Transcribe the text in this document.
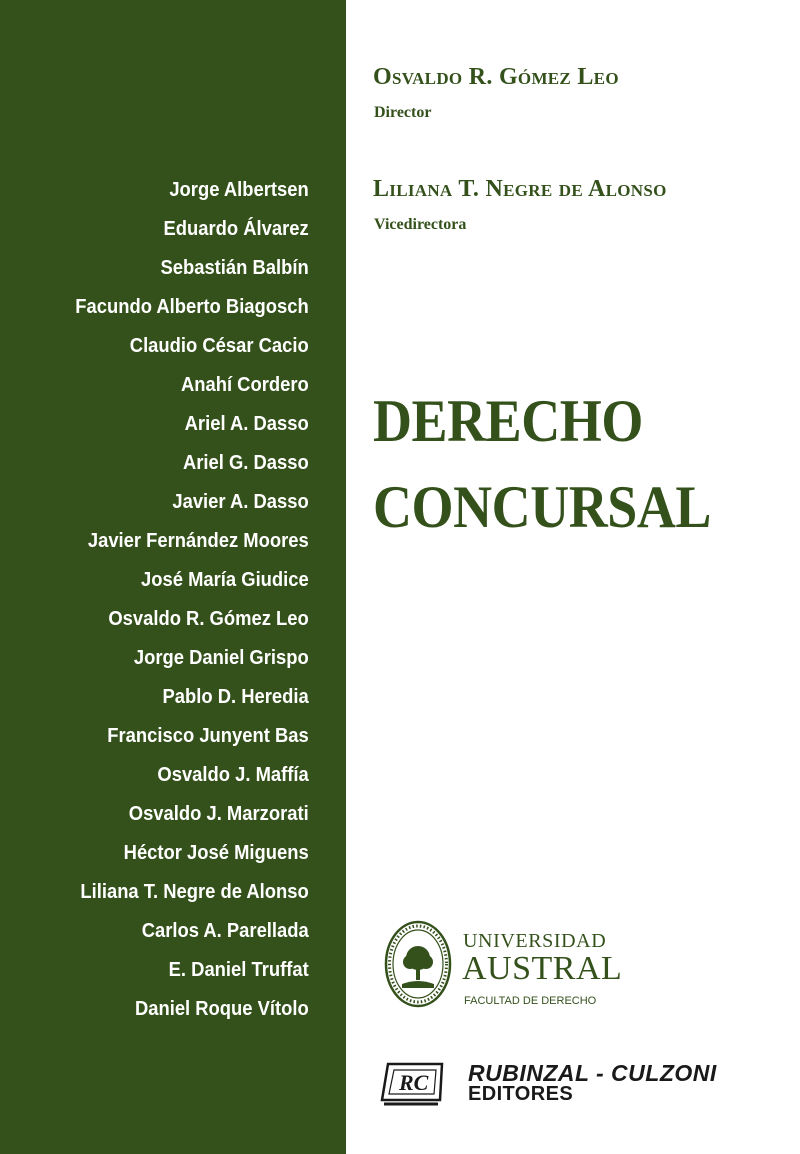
Jorge Albertsen
Eduardo Álvarez
Sebastián Balbín
Facundo Alberto Biagosch
Claudio César Cacio
Anahí Cordero
Ariel A. Dasso
Ariel G. Dasso
Javier A. Dasso
Javier Fernández Moores
José María Giudice
Osvaldo R. Gómez Leo
Jorge Daniel Grispo
Pablo D. Heredia
Francisco Junyent Bas
Osvaldo J. Maffía
Osvaldo J. Marzorati
Héctor José Miguens
Liliana T. Negre de Alonso
Carlos A. Parellada
E. Daniel Truffat
Daniel Roque Vítolo
Osvaldo R. Gómez Leo
Director
Liliana T. Negre de Alonso
Vicedirectora
DERECHO
CONCURSAL
UNIVERSIDAD
AUSTRAL
FACULTAD DE DERECHO
RC RUBINZAL - CULZONI
EDITORES
